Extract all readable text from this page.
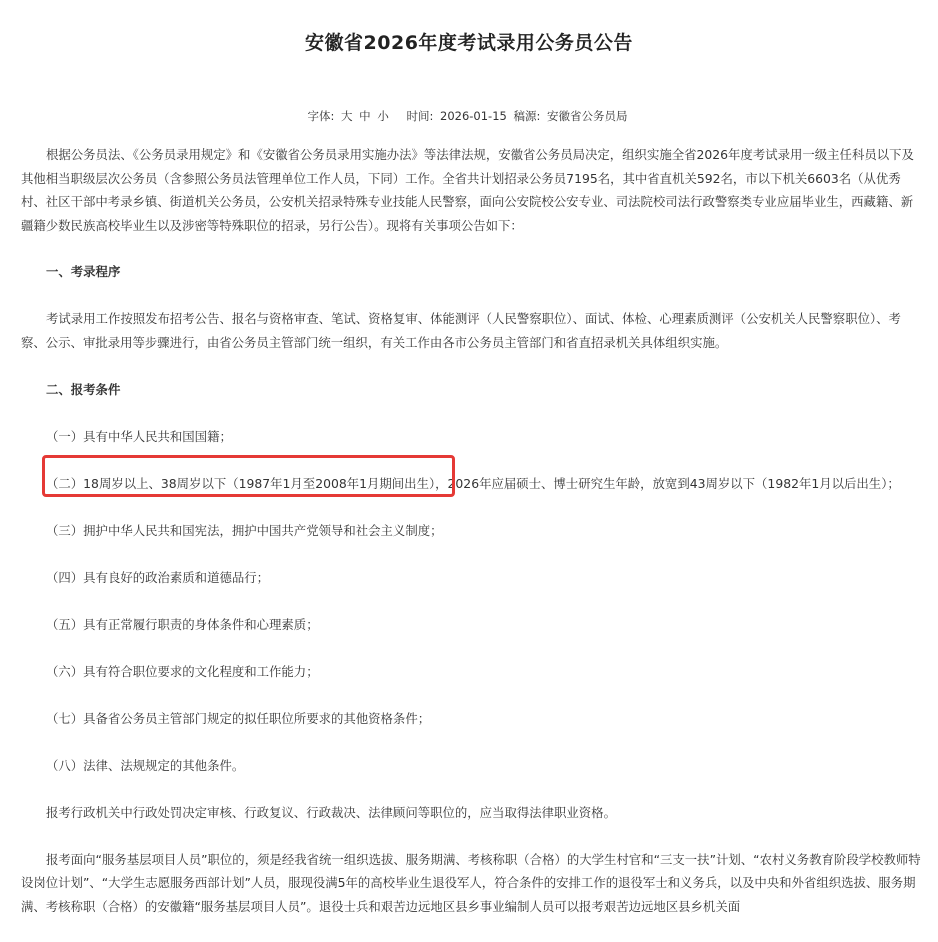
安徽省2026年度考试录用公务员公告
字体: 大 中 小 时间: 2026-01-15 稿源: 安徽省公务员局

根据公务员法、《公务员录用规定》和《安徽省公务员录用实施办法》等法律法规，安徽省公务员局决定，组织实施全省2026年度考试录用一级主任科员以下及其他相当职级层次公务员（含参照公务员法管理单位工作人员，下同）工作。全省共计划招录公务员7195名，其中省直机关592名，市以下机关6603名（从优秀村、社区干部中考录乡镇、街道机关公务员，公安机关招录特殊专业技能人民警察，面向公安院校公安专业、司法院校司法行政警察类专业应届毕业生，西藏籍、新疆籍少数民族高校毕业生以及涉密等特殊职位的招录，另行公告）。现将有关事项公告如下：

一、考录程序

考试录用工作按照发布招考公告、报名与资格审查、笔试、资格复审、体能测评（人民警察职位）、面试、体检、心理素质测评（公安机关人民警察职位）、考察、公示、审批录用等步骤进行，由省公务员主管部门统一组织，有关工作由各市公务员主管部门和省直招录机关具体组织实施。

二、报考条件

（一）具有中华人民共和国国籍；

（二）18周岁以上、38周岁以下（1987年1月至2008年1月期间出生），2026年应届硕士、博士研究生年龄，放宽到43周岁以下（1982年1月以后出生）；

（三）拥护中华人民共和国宪法，拥护中国共产党领导和社会主义制度；

（四）具有良好的政治素质和道德品行；

（五）具有正常履行职责的身体条件和心理素质；

（六）具有符合职位要求的文化程度和工作能力；

（七）具备省公务员主管部门规定的拟任职位所要求的其他资格条件；

（八）法律、法规规定的其他条件。

报考行政机关中行政处罚决定审核、行政复议、行政裁决、法律顾问等职位的，应当取得法律职业资格。

报考面向“服务基层项目人员”职位的，须是经我省统一组织选拔、服务期满、考核称职（合格）的大学生村官和“三支一扶”计划、“农村义务教育阶段学校教师特设岗位计划”、“大学生志愿服务西部计划”人员，服现役满5年的高校毕业生退役军人，符合条件的安排工作的退役军士和义务兵，以及中央和外省组织选拔、服务期满、考核称职（合格）的安徽籍“服务基层项目人员”。退役士兵和艰苦边远地区县乡事业编制人员可以报考艰苦边远地区县乡机关面
